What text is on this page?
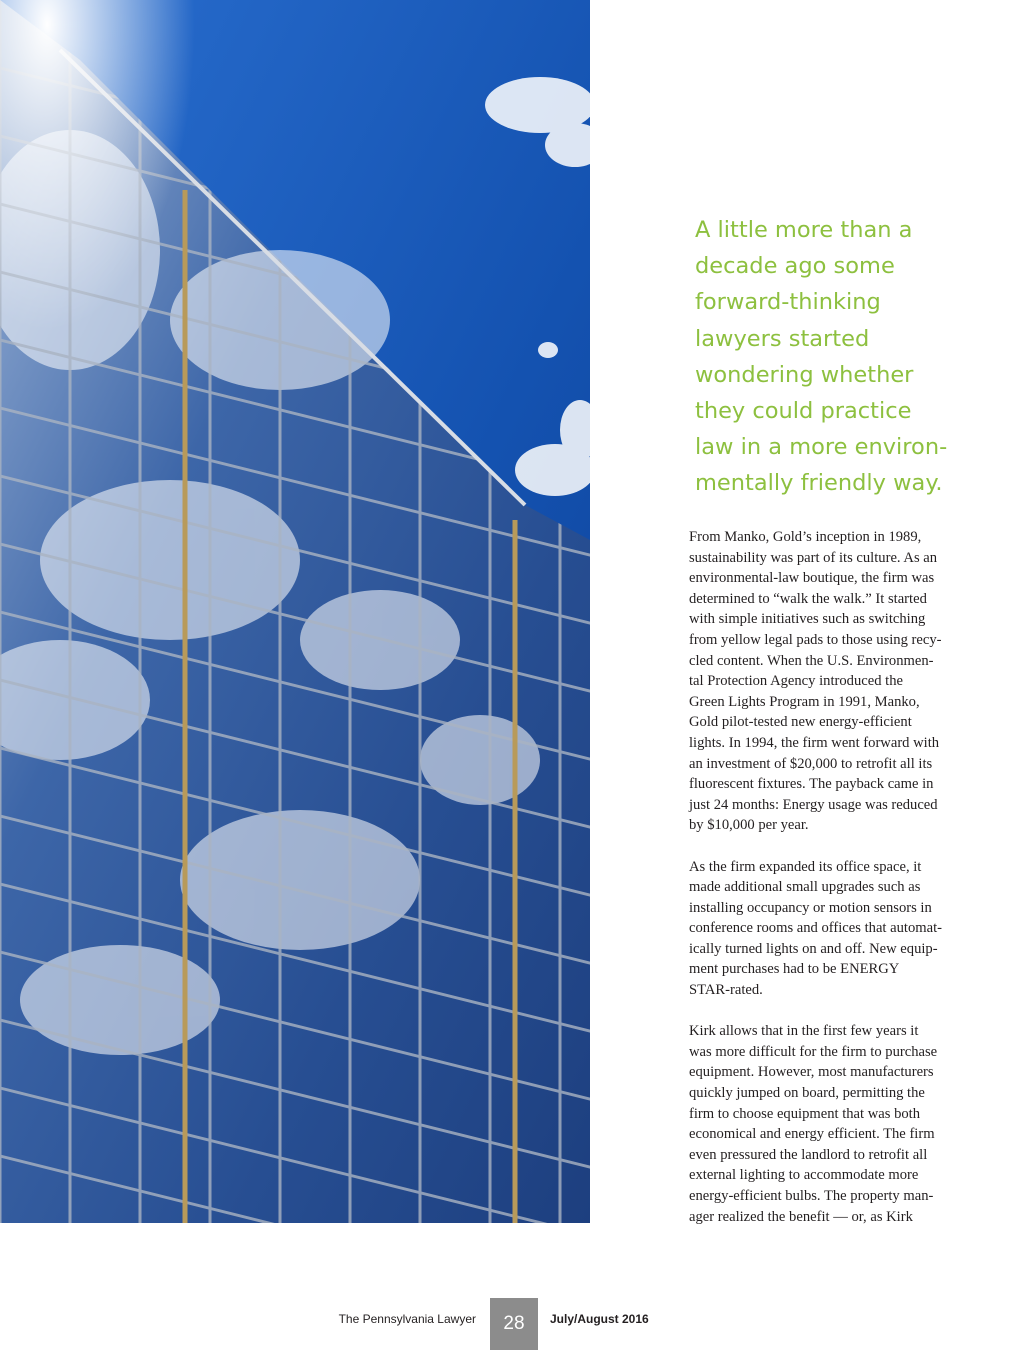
A little more than a
decade ago some
forward-thinking
lawyers started
wondering whether
they could practice
law in a more environ-
mentally friendly way.

From Manko, Gold’s inception in 1989,
sustainability was part of its culture. As an
environmental-law boutique, the firm was
determined to “walk the walk.” It started
with simple initiatives such as switching
from yellow legal pads to those using recy-
cled content. When the U.S. Environmen-
tal Protection Agency introduced the
Green Lights Program in 1991, Manko,
Gold pilot-tested new energy-efficient
lights. In 1994, the firm went forward with
an investment of $20,000 to retrofit all its
fluorescent fixtures. The payback came in
just 24 months: Energy usage was reduced
by $10,000 per year.

As the firm expanded its office space, it
made additional small upgrades such as
installing occupancy or motion sensors in
conference rooms and offices that automat-
ically turned lights on and off. New equip-
ment purchases had to be ENERGY
STAR-rated.

Kirk allows that in the first few years it
was more difficult for the firm to purchase
equipment. However, most manufacturers
quickly jumped on board, permitting the
firm to choose equipment that was both
economical and energy efficient. The firm
even pressured the landlord to retrofit all
external lighting to accommodate more
energy-efficient bulbs. The property man-
ager realized the benefit — or, as Kirk

The Pennsylvania Lawyer 28 July/August 2016
